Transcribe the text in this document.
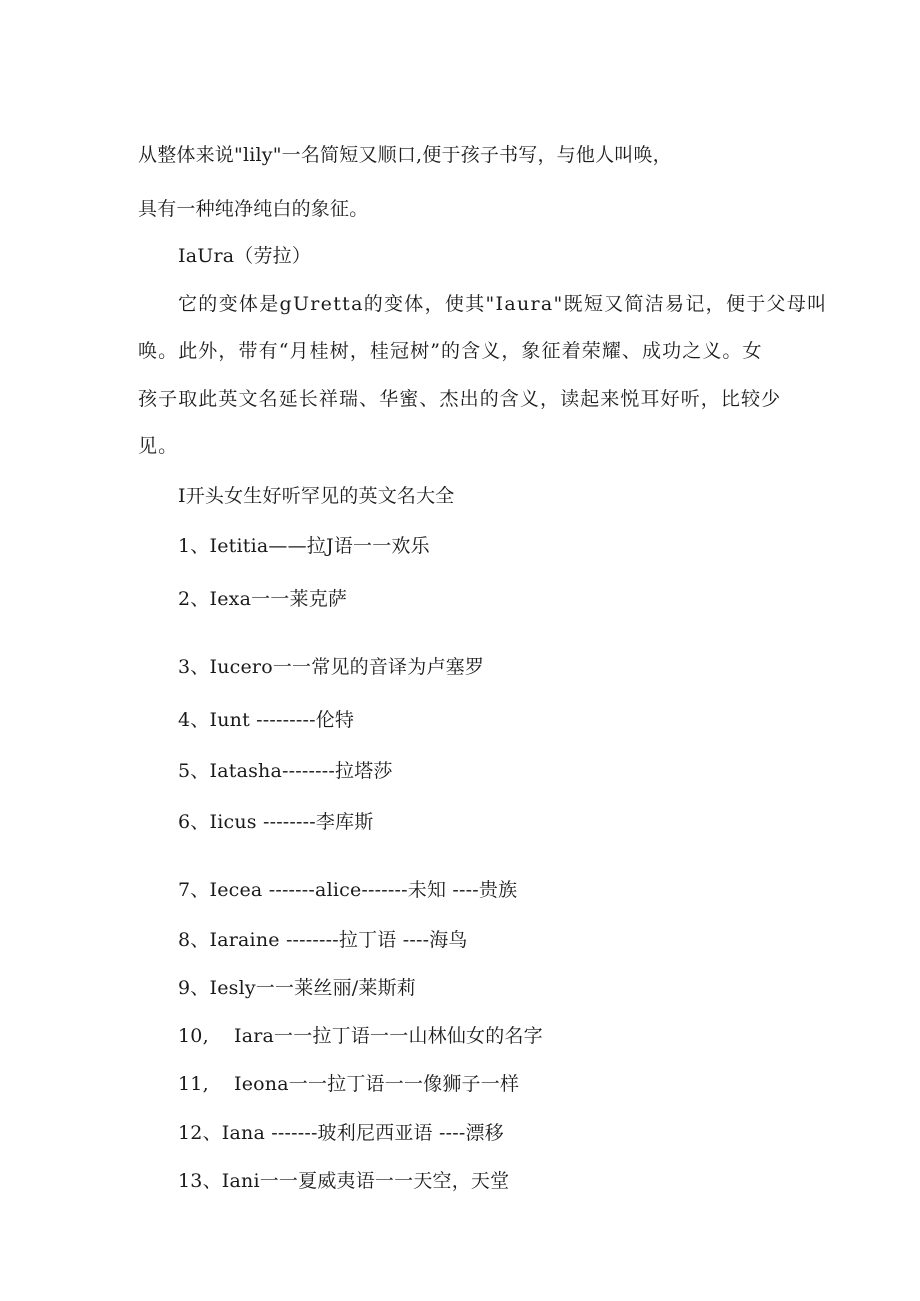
从整体来说"lily"一名简短又顺口,便于孩子书写，与他人叫唤，
具有一种纯净纯白的象征。
IaUra（劳拉）
它的变体是gUretta的变体，使其"Iaura"既短又简洁易记，便于父母叫
唤。此外，带有“月桂树，桂冠树”的含义，象征着荣耀、成功之义。女
孩子取此英文名延长祥瑞、华蜜、杰出的含义，读起来悦耳好听，比较少
见。
I开头女生好听罕见的英文名大全
1、Ietitia——拉J语一一欢乐
2、Iexa一一莱克萨
3、Iucero一一常见的音译为卢塞罗
4、Iunt ---------伦特
5、Iatasha--------拉塔莎
6、Iicus --------李库斯
7、Iecea -------alice-------未知 ----贵族
8、Iaraine --------拉丁语 ----海鸟
9、Iesly一一莱丝丽/莱斯莉
10, Iara一一拉丁语一一山林仙女的名字
11, Ieona一一拉丁语一一像狮子一样
12、Iana -------玻利尼西亚语 ----漂移
13、Iani一一夏威夷语一一天空，天堂
